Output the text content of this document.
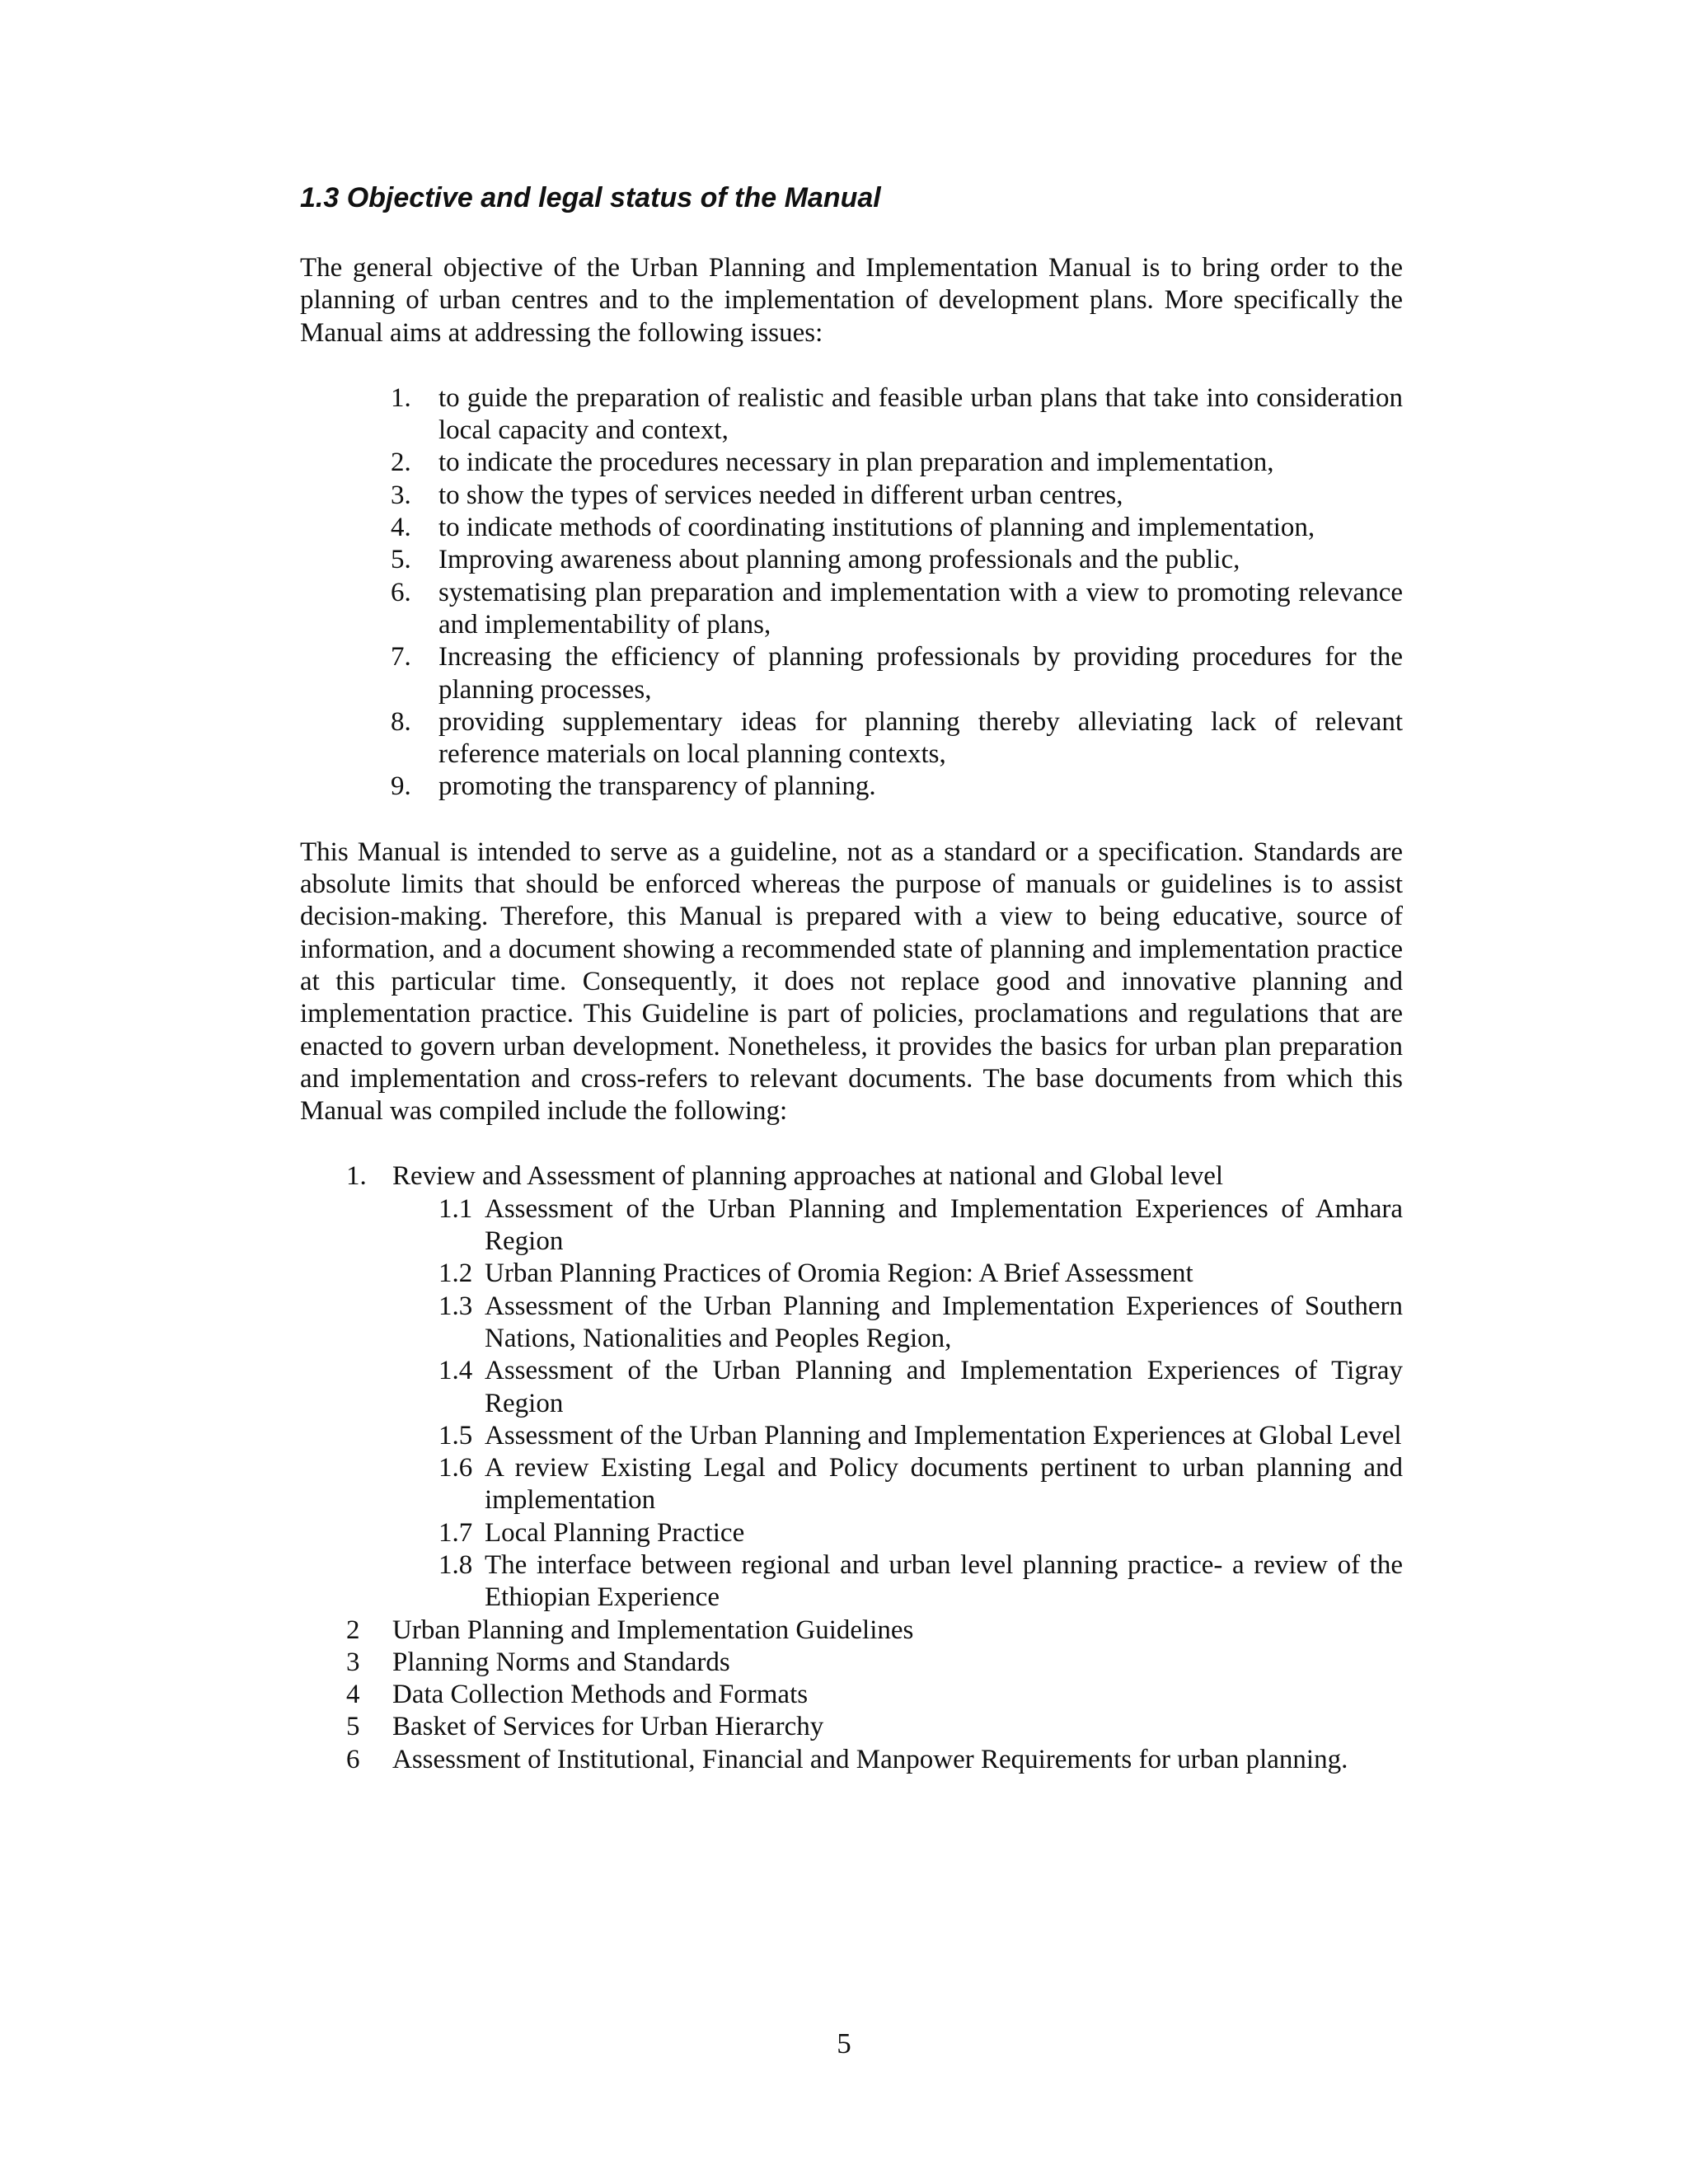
1.3 Objective and legal status of the Manual

The general objective of the Urban Planning and Implementation Manual is to bring order to the planning of urban centres and to the implementation of development plans. More specifically the Manual aims at addressing the following issues:

1. to guide the preparation of realistic and feasible urban plans that take into consideration local capacity and context,
2. to indicate the procedures necessary in plan preparation and implementation,
3. to show the types of services needed in different urban centres,
4. to indicate methods of coordinating institutions of planning and implementation,
5. Improving awareness about planning among professionals and the public,
6. systematising plan preparation and implementation with a view to promoting relevance and implementability of plans,
7. Increasing the efficiency of planning professionals by providing procedures for the planning processes,
8. providing supplementary ideas for planning thereby alleviating lack of relevant reference materials on local planning contexts,
9. promoting the transparency of planning.

This Manual is intended to serve as a guideline, not as a standard or a specification. Standards are absolute limits that should be enforced whereas the purpose of manuals or guidelines is to assist decision-making. Therefore, this Manual is prepared with a view to being educative, source of information, and a document showing a recommended state of planning and implementation practice at this particular time. Consequently, it does not replace good and innovative planning and implementation practice. This Guideline is part of policies, proclamations and regulations that are enacted to govern urban development. Nonetheless, it provides the basics for urban plan preparation and implementation and cross-refers to relevant documents. The base documents from which this Manual was compiled include the following:

1. Review and Assessment of planning approaches at national and Global level
1.1 Assessment of the Urban Planning and Implementation Experiences of Amhara Region
1.2 Urban Planning Practices of Oromia Region: A Brief Assessment
1.3 Assessment of the Urban Planning and Implementation Experiences of Southern Nations, Nationalities and Peoples Region,
1.4 Assessment of the Urban Planning and Implementation Experiences of Tigray Region
1.5 Assessment of the Urban Planning and Implementation Experiences at Global Level
1.6 A review Existing Legal and Policy documents pertinent to urban planning and implementation
1.7 Local Planning Practice
1.8 The interface between regional and urban level planning practice- a review of the Ethiopian Experience
2 Urban Planning and Implementation Guidelines
3 Planning Norms and Standards
4 Data Collection Methods and Formats
5 Basket of Services for Urban Hierarchy
6 Assessment of Institutional, Financial and Manpower Requirements for urban planning.
5
